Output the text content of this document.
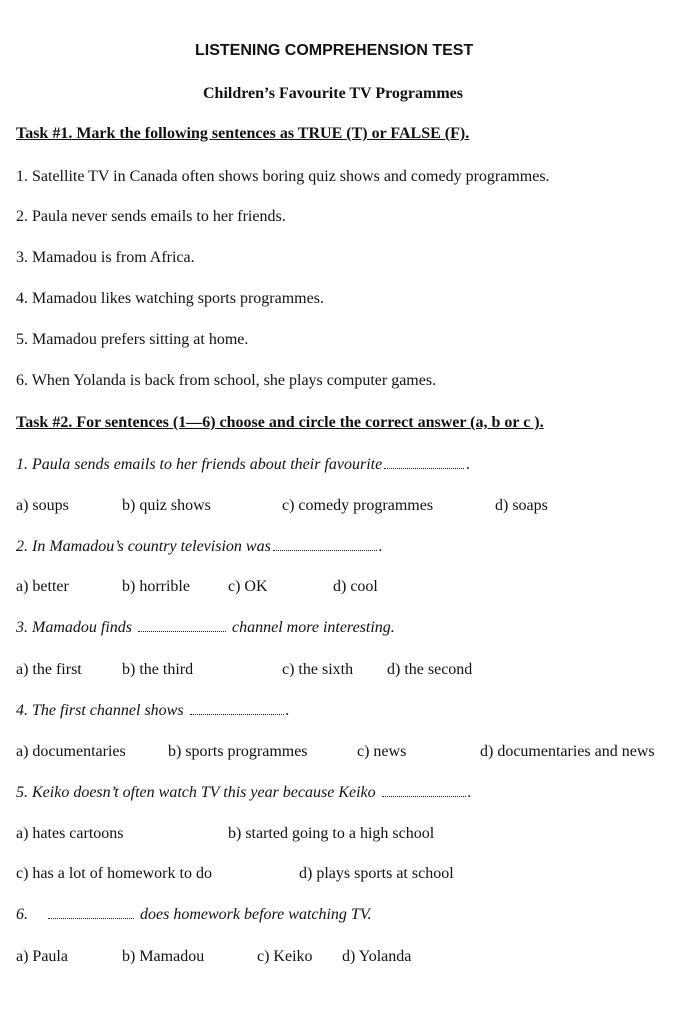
LISTENING COMPREHENSION TEST
Children’s Favourite TV Programmes
Task #1. Mark the following sentences as TRUE (T) or FALSE (F).
1. Satellite TV in Canada often shows boring quiz shows and comedy programmes.
2. Paula never sends emails to her friends.
3. Mamadou is from Africa.
4. Mamadou likes watching sports programmes.
5. Mamadou prefers sitting at home.
6. When Yolanda is back from school, she plays computer games.
Task #2. For sentences (1—6) choose and circle the correct answer (a, b or c ).
1. Paula sends emails to her friends about their favourite	.
a) soups	b) quiz shows	c) comedy programmes	d) soaps
2. In Mamadou’s country television was	.
a) better	b) horrible c) OK	d) cool
3. Mamadou finds	channel more interesting.
a) the first	b) the third	c) the sixth d) the second
4. The first channel shows	.
a) documentaries	b) sports programmes	c) news	d) documentaries and news
5. Keiko doesn’t often watch TV this year because Keiko	.
a) hates cartoons	b) started going to a high school
c) has a lot of homework to do	d) plays sports at school
6.	does homework before watching TV.
a) Paula	b) Mamadou	c) Keiko d) Yolanda
